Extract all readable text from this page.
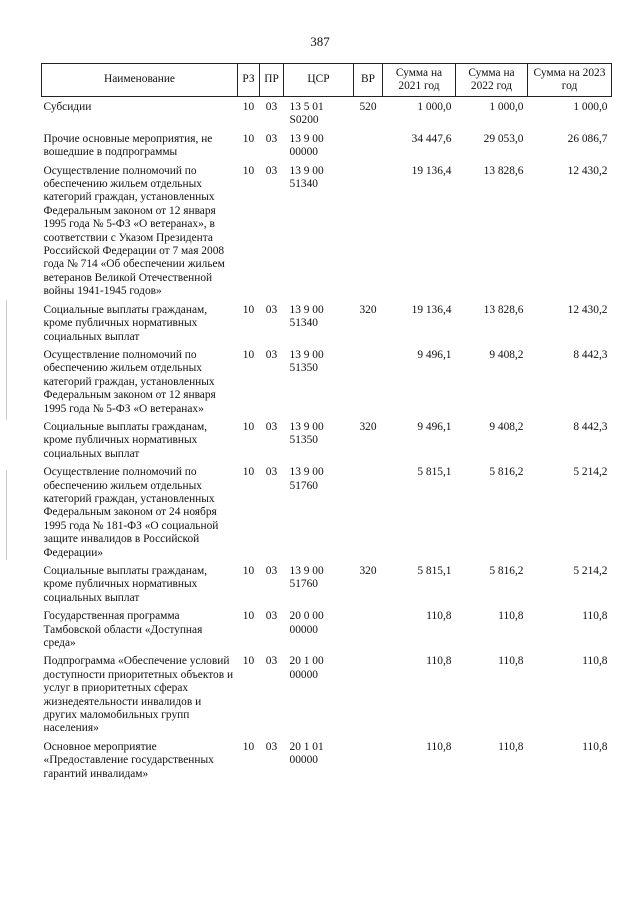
387
Наименование	РЗ	ПР	ЦСР	ВР	Сумма на 2021 год	Сумма на 2022 год	Сумма на 2023 год
Субсидии	10	03	13 5 01 S0200	520	1 000,0	1 000,0	1 000,0
Прочие основные мероприятия, не вошедшие в подпрограммы	10	03	13 9 00 00000		34 447,6	29 053,0	26 086,7
Осуществление полномочий по обеспечению жильем отдельных категорий граждан, установленных Федеральным законом от 12 января 1995 года № 5-ФЗ «О ветеранах», в соответствии с Указом Президента Российской Федерации от 7 мая 2008 года № 714 «Об обеспечении жильем ветеранов Великой Отечественной войны 1941-1945 годов»	10	03	13 9 00 51340		19 136,4	13 828,6	12 430,2
Социальные выплаты гражданам, кроме публичных нормативных социальных выплат	10	03	13 9 00 51340	320	19 136,4	13 828,6	12 430,2
Осуществление полномочий по обеспечению жильем отдельных категорий граждан, установленных Федеральным законом от 12 января 1995 года № 5-ФЗ «О ветеранах»	10	03	13 9 00 51350		9 496,1	9 408,2	8 442,3
Социальные выплаты гражданам, кроме публичных нормативных социальных выплат	10	03	13 9 00 51350	320	9 496,1	9 408,2	8 442,3
Осуществление полномочий по обеспечению жильем отдельных категорий граждан, установленных Федеральным законом от 24 ноября 1995 года № 181-ФЗ «О социальной защите инвалидов в Российской Федерации»	10	03	13 9 00 51760		5 815,1	5 816,2	5 214,2
Социальные выплаты гражданам, кроме публичных нормативных социальных выплат	10	03	13 9 00 51760	320	5 815,1	5 816,2	5 214,2
Государственная программа Тамбовской области «Доступная среда»	10	03	20 0 00 00000		110,8	110,8	110,8
Подпрограмма «Обеспечение условий доступности приоритетных объектов и услуг в приоритетных сферах жизнедеятельности инвалидов и других маломобильных групп населения»	10	03	20 1 00 00000		110,8	110,8	110,8
Основное мероприятие «Предоставление государственных гарантий инвалидам»	10	03	20 1 01 00000		110,8	110,8	110,8
